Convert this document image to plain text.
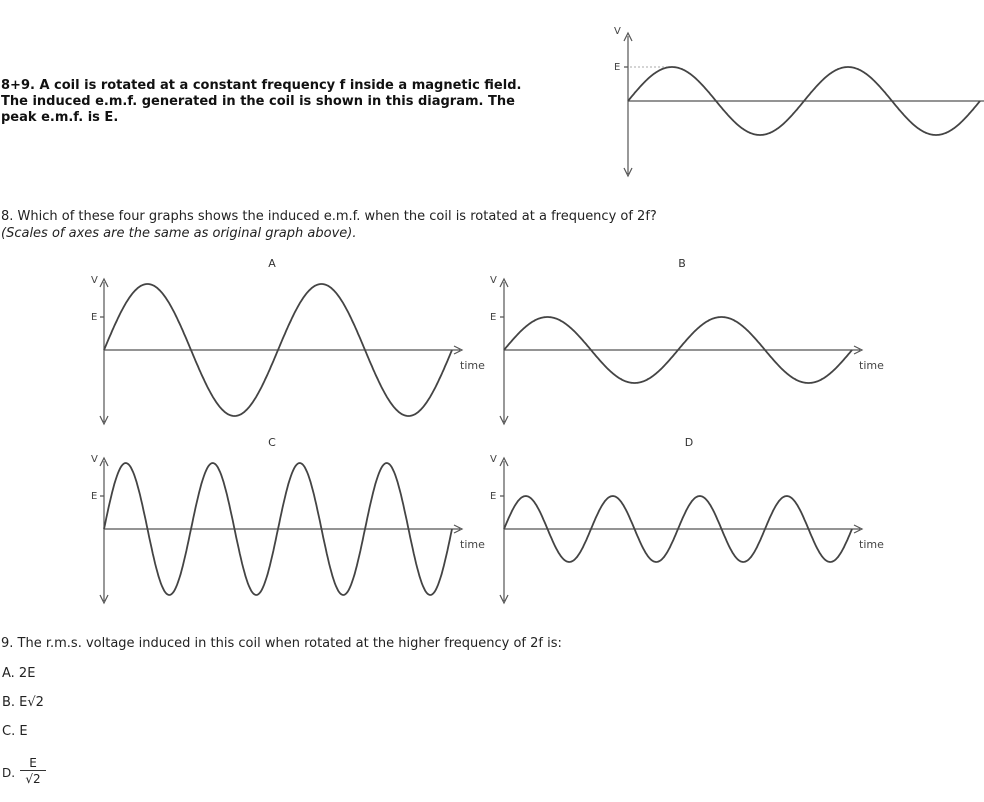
8+9. A coil is rotated at a constant frequency f inside a magnetic field.
The induced e.m.f. generated in the coil is shown in this diagram. The
peak e.m.f. is E.
V
E
8. Which of these four graphs shows the induced e.m.f. when the coil is rotated at a frequency of 2f?
(Scales of axes are the same as original graph above).
A
V
E
time
B
V
E
time
C
V
E
time
D
V
E
time
9. The r.m.s. voltage induced in this coil when rotated at the higher frequency of 2f is:
A. 2E
B. E√2
C. E
D. $\frac{E}{√2}$
